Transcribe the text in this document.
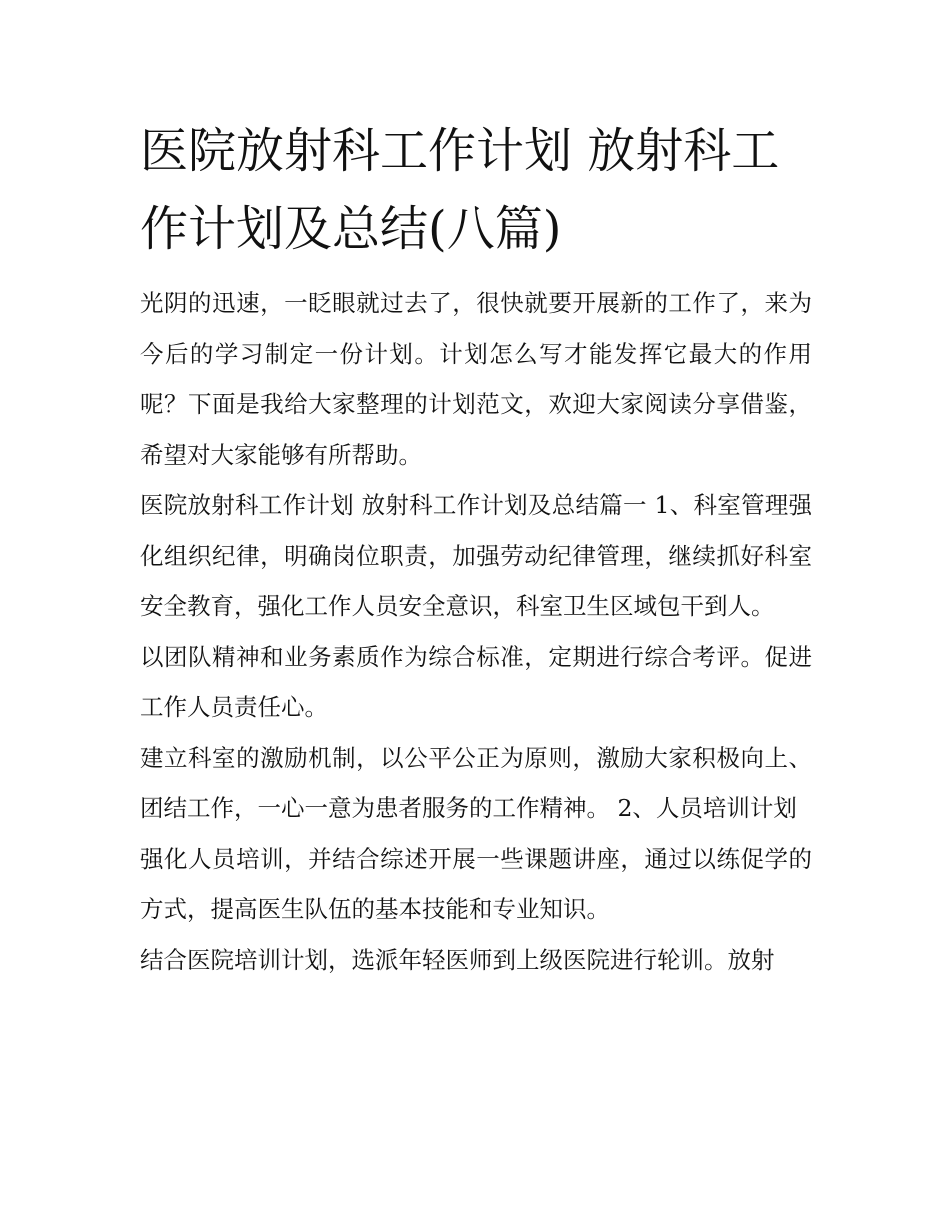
医院放射科工作计划 放射科工作计划及总结(八篇)

光阴的迅速，一眨眼就过去了，很快就要开展新的工作了，来为今后的学习制定一份计划。计划怎么写才能发挥它最大的作用呢？下面是我给大家整理的计划范文，欢迎大家阅读分享借鉴，希望对大家能够有所帮助。

医院放射科工作计划 放射科工作计划及总结篇一 1、科室管理强化组织纪律，明确岗位职责，加强劳动纪律管理，继续抓好科室安全教育，强化工作人员安全意识，科室卫生区域包干到人。

以团队精神和业务素质作为综合标准，定期进行综合考评。促进工作人员责任心。

建立科室的激励机制，以公平公正为原则，激励大家积极向上、团结工作，一心一意为患者服务的工作精神。 2、人员培训计划

强化人员培训，并结合综述开展一些课题讲座，通过以练促学的方式，提高医生队伍的基本技能和专业知识。

结合医院培训计划，选派年轻医师到上级医院进行轮训。放射
